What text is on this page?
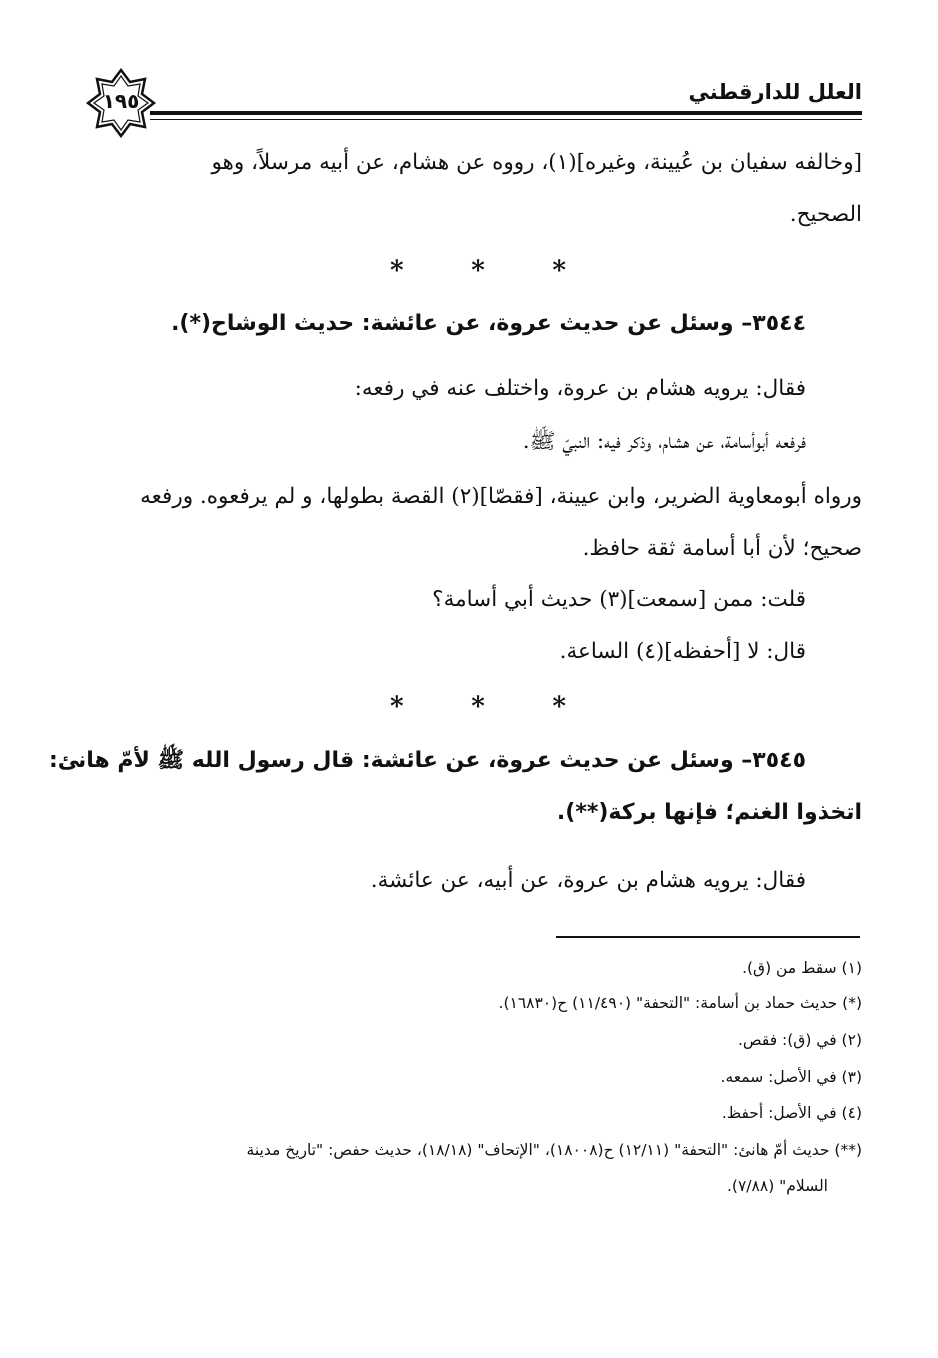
العلل للدارقطني
١٩٥
[وخالفه سفيان بن عُيينة، وغيره](١)، رووه عن هشام، عن أبيه مرسلاً، وهو
الصحيح.
*	*	*
٣٥٤٤– وسئل عن حديث عروة، عن عائشة: حديث الوشاح(*).
فقال: يرويه هشام بن عروة، واختلف عنه في رفعه:
فرفعه أبوأسامة، عن هشام، وذكر فيه: النبيّ ﷺ.
ورواه أبومعاوية الضرير، وابن عيينة، [فقصّا](٢) القصة بطولها، و لم يرفعوه. ورفعه
صحيح؛ لأن أبا أسامة ثقة حافظ.
قلت: ممن [سمعت](٣) حديث أبي أسامة؟
قال: لا [أحفظه](٤) الساعة.
*	*	*
٣٥٤٥– وسئل عن حديث عروة، عن عائشة: قال رسول الله ﷺ لأمّ هانئ:
اتخذوا الغنم؛ فإنها بركة(**).
فقال: يرويه هشام بن عروة، عن أبيه، عن عائشة.
(١) سقط من (ق).
(*) حديث حماد بن أسامة: "التحفة" (١١/٤٩٠) ح(١٦٨٣٠).
(٢) في (ق): فقص.
(٣) في الأصل: سمعه.
(٤) في الأصل: أحفظ.
(**) حديث أمّ هانئ: "التحفة" (١٢/١١) ح(١٨٠٠٨)، "الإتحاف" (١٨/١٨)، حديث حفص: "تاريخ مدينة
السلام" (٧/٨٨).
